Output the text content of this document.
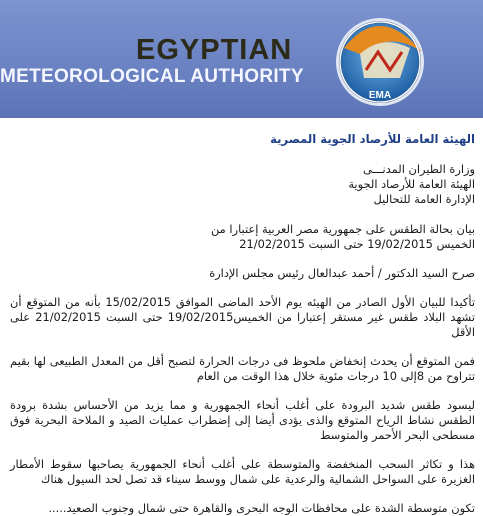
EGYPTIAN
METEOROLOGICAL AUTHORITY
EMA

الهيئة العامة للأرصاد الجوية المصرية

وزارة الطيران المدنـــى

الهيئة العامة للأرصاد الجوية

الإدارة العامة للتحاليل

بيان بحالة الطقس على جمهورية مصر العربية إعتبارا من

الخميس 19/02/2015 حتى السبت 21/02/2015

صرح السيد الدكتور / أحمد عبدالعال رئيس مجلس الإدارة

تأكيدا للبيان الأول الصادر من الهيئه يوم الأحد الماضى الموافق 15/02/2015 بأنه من المتوقع أن تشهد البلاد طقس غير مستقر إعتبارا من الخميس19/02/2015 حتى السبت 21/02/2015 على الأقل

فمن المتوقع أن يحدث إنخفاض ملحوظ فى درجات الحرارة لتصبح أقل من المعدل الطبيعى لها بقيم تتراوح من 8إلى 10 درجات مئوية خلال هذا الوقت من العام

ليسود طقس شديد البرودة على أغلب أنحاء الجمهورية و مما يزيد من الأحساس بشدة برودة الطقس نشاط الرياح المتوقع والذى يؤدى أيضا إلى إضطراب عمليات الصيد و الملاحة البحرية فوق مسطحى البحر الأحمر والمتوسط

هذا و تكاثر السحب المنخفضة والمتوسطة على أغلب أنحاء الجمهورية يصاحبها سقوط الأمطار الغزيرة على السواحل الشمالية والرعدية على شمال ووسط سيناء قد تصل لحد السيول هناك

تكون متوسطة الشدة على محافظات الوجه البحرى والقاهرة حتى شمال وجنوب الصعيد.....
